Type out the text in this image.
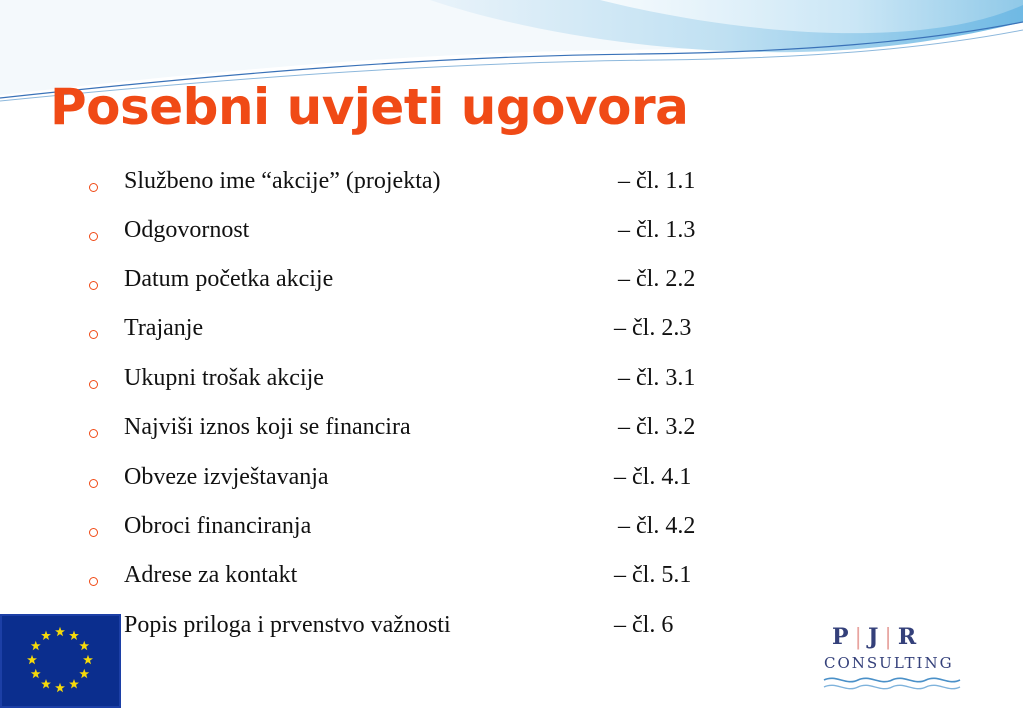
Posebni uvjeti ugovora
Službeno ime “akcije” (projekta)	– čl. 1.1
Odgovornost	– čl. 1.3
Datum početka akcije	– čl. 2.2
Trajanje	– čl. 2.3
Ukupni trošak akcije	– čl. 3.1
Najviši iznos koji se financira	– čl. 3.2
Obveze izvještavanja	– čl. 4.1
Obroci financiranja	– čl. 4.2
Adrese za kontakt	– čl. 5.1
Popis priloga i prvenstvo važnosti	– čl. 6	P | J | R
CONSULTING
